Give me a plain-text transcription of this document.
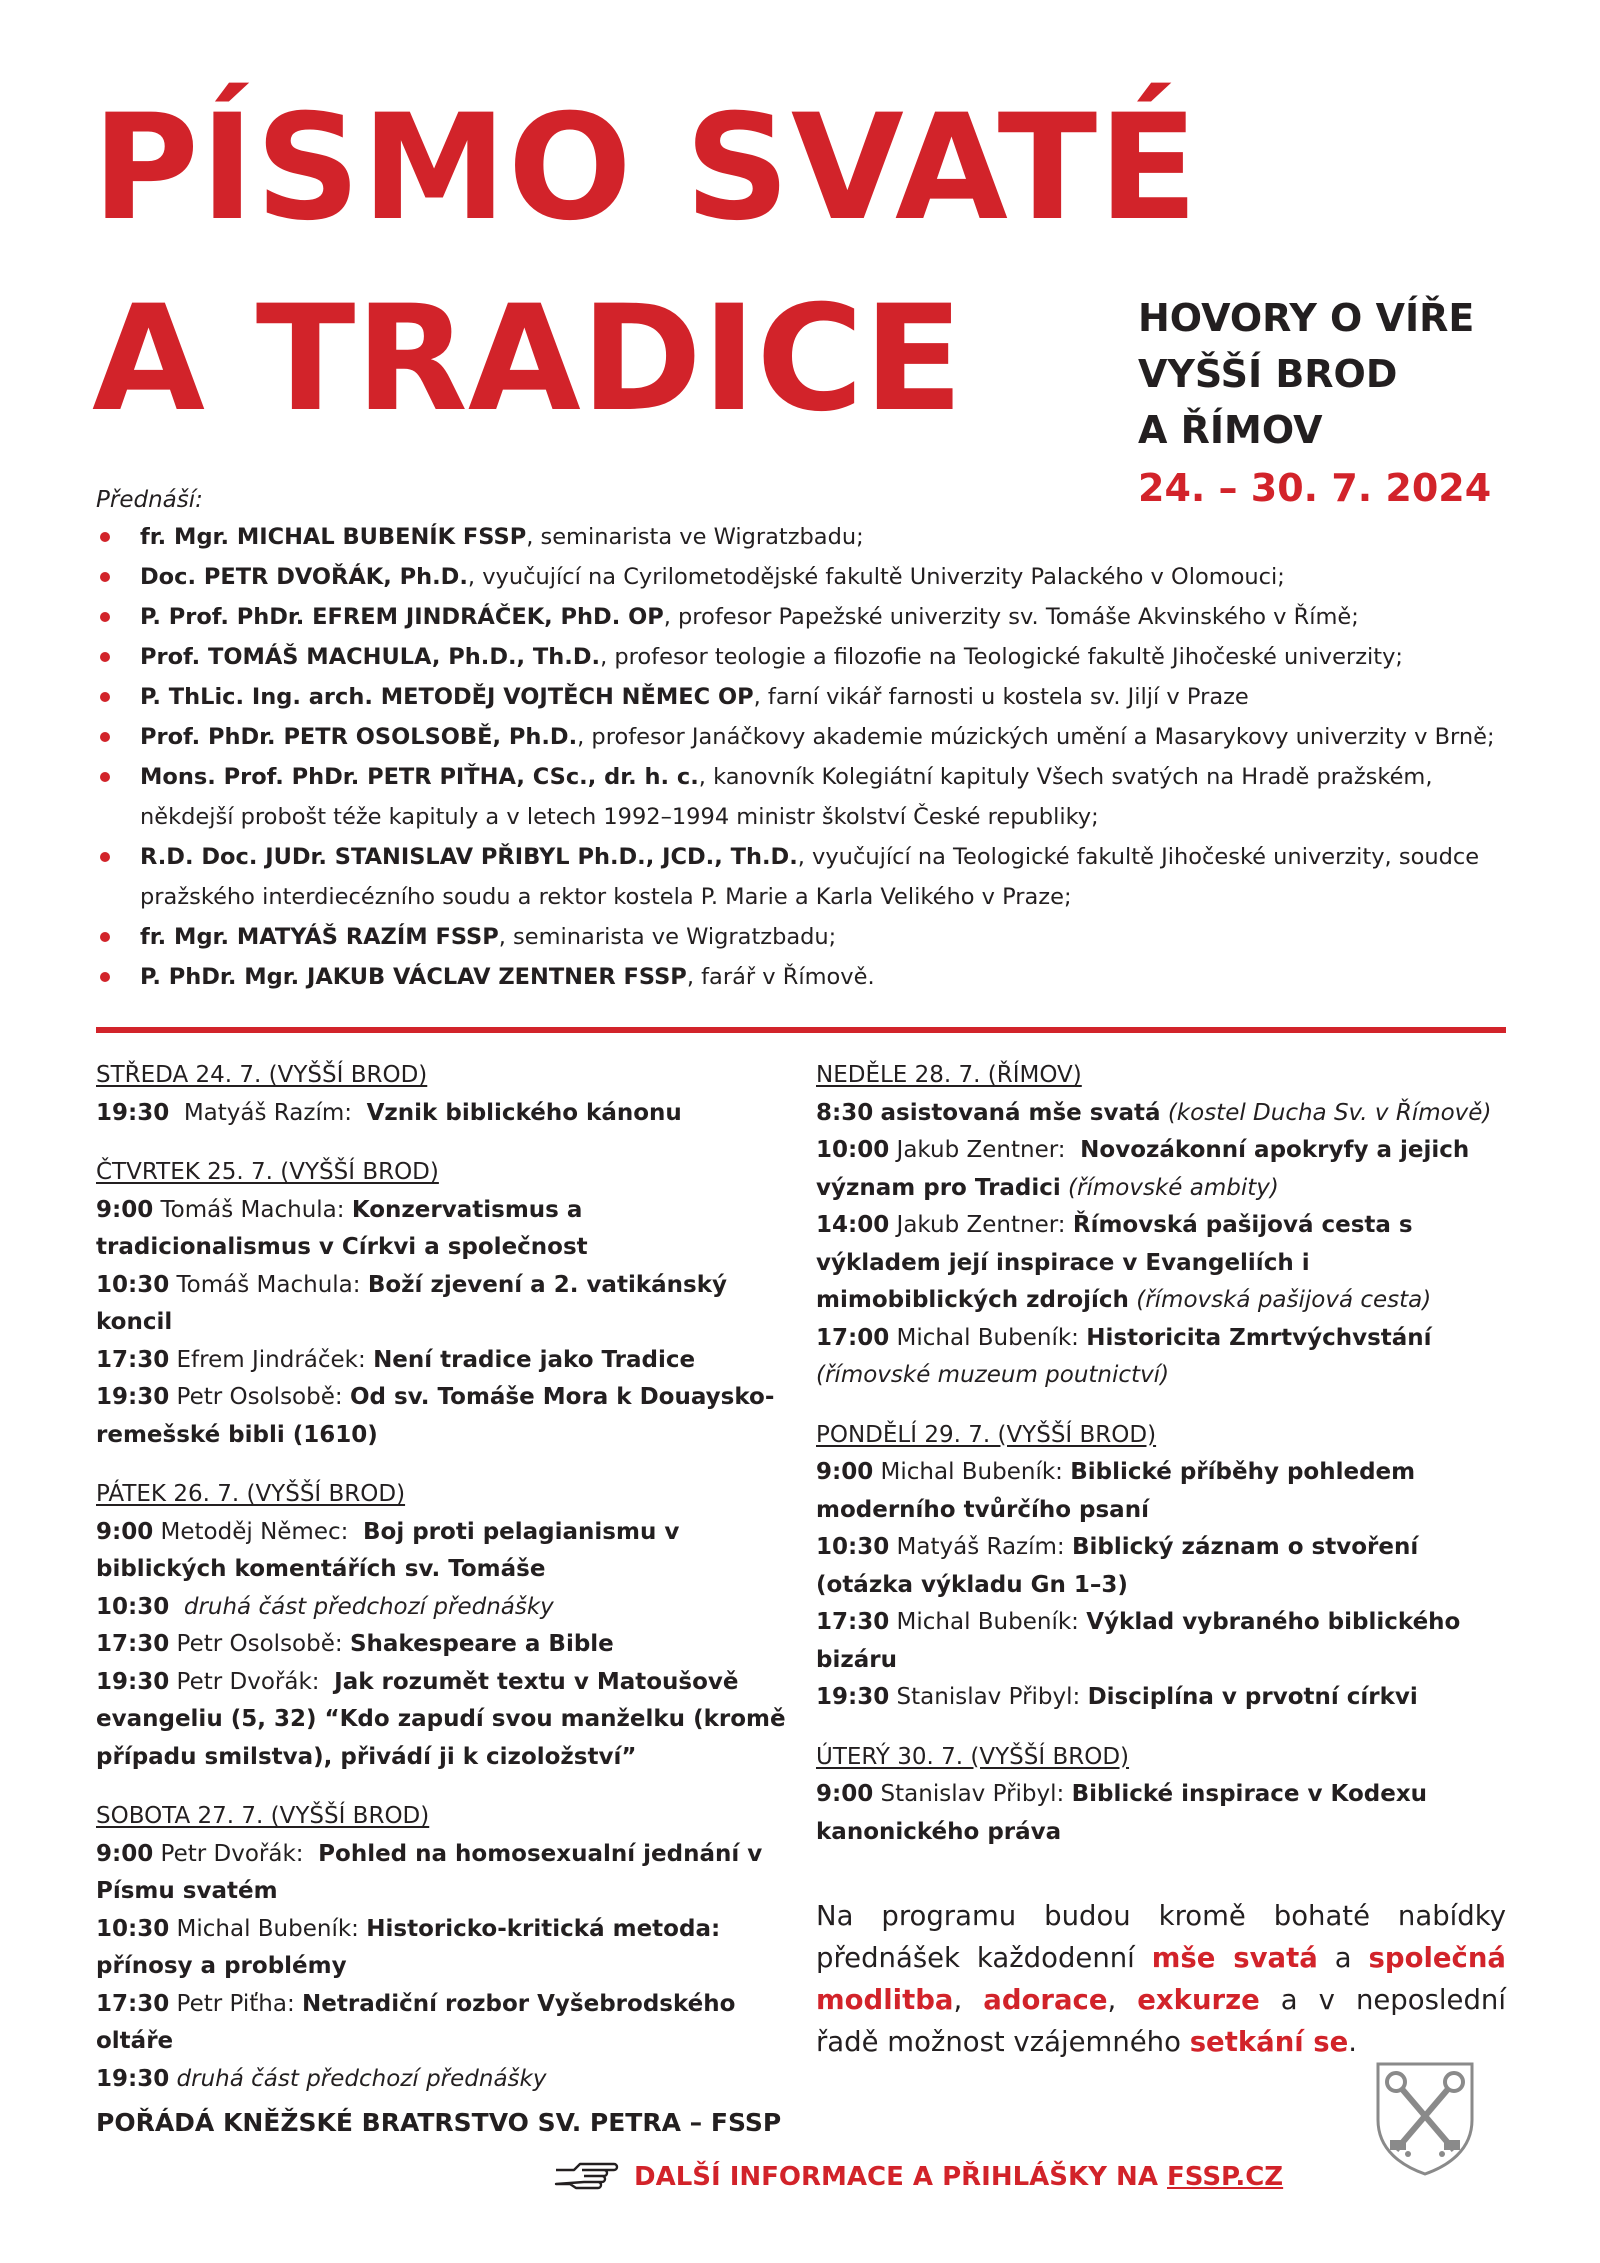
PÍSMO SVATÉ
A TRADICE	HOVORY O VÍŘE
VYŠŠÍ BROD
A ŘÍMOV
24. – 30. 7. 2024
Přednáší:
fr. Mgr. MICHAL BUBENÍK FSSP, seminarista ve Wigratzbadu;
Doc. PETR DVOŘÁK, Ph.D., vyučující na Cyrilometodějské fakultě Univerzity Palackého v Olomouci;
P. Prof. PhDr. EFREM JINDRÁČEK, PhD. OP, profesor Papežské univerzity sv. Tomáše Akvinského v Římě;
Prof. TOMÁŠ MACHULA, Ph.D., Th.D., profesor teologie a filozofie na Teologické fakultě Jihočeské univerzity;
P. ThLic. Ing. arch. METODĚJ VOJTĚCH NĚMEC OP, farní vikář farnosti u kostela sv. Jiljí v Praze
Prof. PhDr. PETR OSOLSOBĚ, Ph.D., profesor Janáčkovy akademie múzických umění a Masarykovy univerzity v Brně;
Mons. Prof. PhDr. PETR PIŤHA, CSc., dr. h. c., kanovník Kolegiátní kapituly Všech svatých na Hradě pražském, někdejší probošt téže kapituly a v letech 1992–1994 ministr školství České republiky;
R.D. Doc. JUDr. STANISLAV PŘIBYL Ph.D., JCD., Th.D., vyučující na Teologické fakultě Jihočeské univerzity, soudce pražského interdiecézního soudu a rektor kostela P. Marie a Karla Velikého v Praze;
fr. Mgr. MATYÁŠ RAZÍM FSSP, seminarista ve Wigratzbadu;
P. PhDr. Mgr. JAKUB VÁCLAV ZENTNER FSSP, farář v Římově.
STŘEDA 24. 7. (VYŠŠÍ BROD)
19:30  Matyáš Razím:  Vznik biblického kánonu
ČTVRTEK 25. 7. (VYŠŠÍ BROD)
9:00 Tomáš Machula: Konzervatismus a tradicionalismus v Církvi a společnost
10:30 Tomáš Machula: Boží zjevení a 2. vatikánský koncil
17:30 Efrem Jindráček: Není tradice jako Tradice
19:30 Petr Osolsobě: Od sv. Tomáše Mora k Douaysko-remešské bibli (1610)
PÁTEK 26. 7. (VYŠŠÍ BROD)
9:00 Metoděj Němec:  Boj proti pelagianismu v biblických komentářích sv. Tomáše
10:30 druhá část předchozí přednášky
17:30 Petr Osolsobě: Shakespeare a Bible
19:30 Petr Dvořák:  Jak rozumět textu v Matoušově evangeliu (5, 32) “Kdo zapudí svou manželku (kromě případu smilstva), přivádí ji k cizoložství”
SOBOTA 27. 7. (VYŠŠÍ BROD)
9:00 Petr Dvořák:  Pohled na homosexualní jednání v Písmu svatém
10:30 Michal Bubeník: Historicko-kritická metoda: přínosy a problémy
17:30 Petr Piťha: Netradiční rozbor Vyšebrodského oltáře
19:30 druhá část předchozí přednášky
NEDĚLE 28. 7. (ŘÍMOV)
8:30 asistovaná mše svatá (kostel Ducha Sv. v Římově)
10:00 Jakub Zentner:  Novozákonní apokryfy a jejich význam pro Tradici (římovské ambity)
14:00 Jakub Zentner: Římovská pašijová cesta s výkladem její inspirace v Evangeliích i mimobiblických zdrojích (římovská pašijová cesta)
17:00 Michal Bubeník: Historicita Zmrtvýchvstání (římovské muzeum poutnictví)
PONDĚLÍ 29. 7. (VYŠŠÍ BROD)
9:00 Michal Bubeník: Biblické příběhy pohledem moderního tvůrčího psaní
10:30 Matyáš Razím: Biblický záznam o stvoření (otázka výkladu Gn 1–3)
17:30 Michal Bubeník: Výklad vybraného biblického bizáru
19:30 Stanislav Přibyl: Disciplína v prvotní církvi
ÚTERÝ 30. 7. (VYŠŠÍ BROD)
9:00 Stanislav Přibyl: Biblické inspirace v Kodexu kanonického práva
Na programu budou kromě bohaté nabídky přednášek každodenní mše svatá a společná modlitba, adorace, exkurze a v neposlední řadě možnost vzájemného setkání se.
POŘÁDÁ KNĚŽSKÉ BRATRSTVO SV. PETRA – FSSP
DALŠÍ INFORMACE A PŘIHLÁŠKY NA FSSP.CZ
